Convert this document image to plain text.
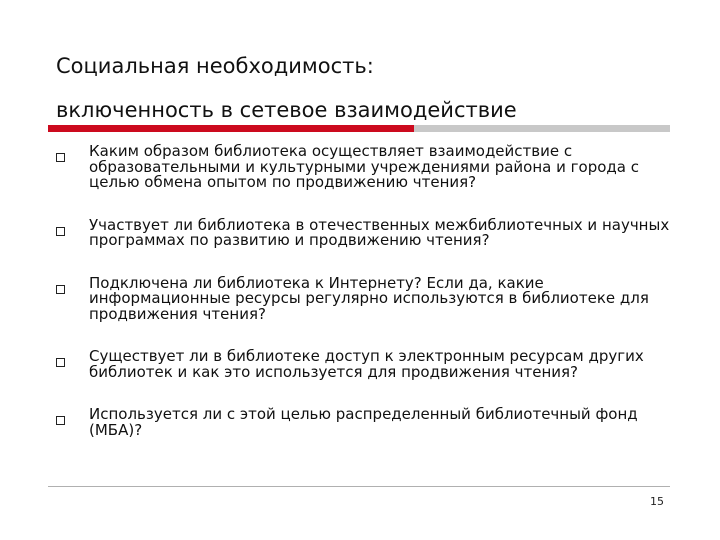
Социальная необходимость:
включенность в сетевое взаимодействие
Каким образом библиотека осуществляет взаимодействие с образовательными и культурными учреждениями района и города с целью обмена опытом по продвижению чтения?
Участвует ли библиотека в отечественных межбиблиотечных и научных программах по развитию и продвижению чтения?
Подключена ли библиотека к Интернету? Если да, какие информационные ресурсы регулярно используются в библиотеке для продвижения чтения?
Существует ли в библиотеке доступ к электронным ресурсам других библиотек и как это используется для продвижения чтения?
Используется ли с этой целью распределенный библиотечный фонд (МБА)?
15
